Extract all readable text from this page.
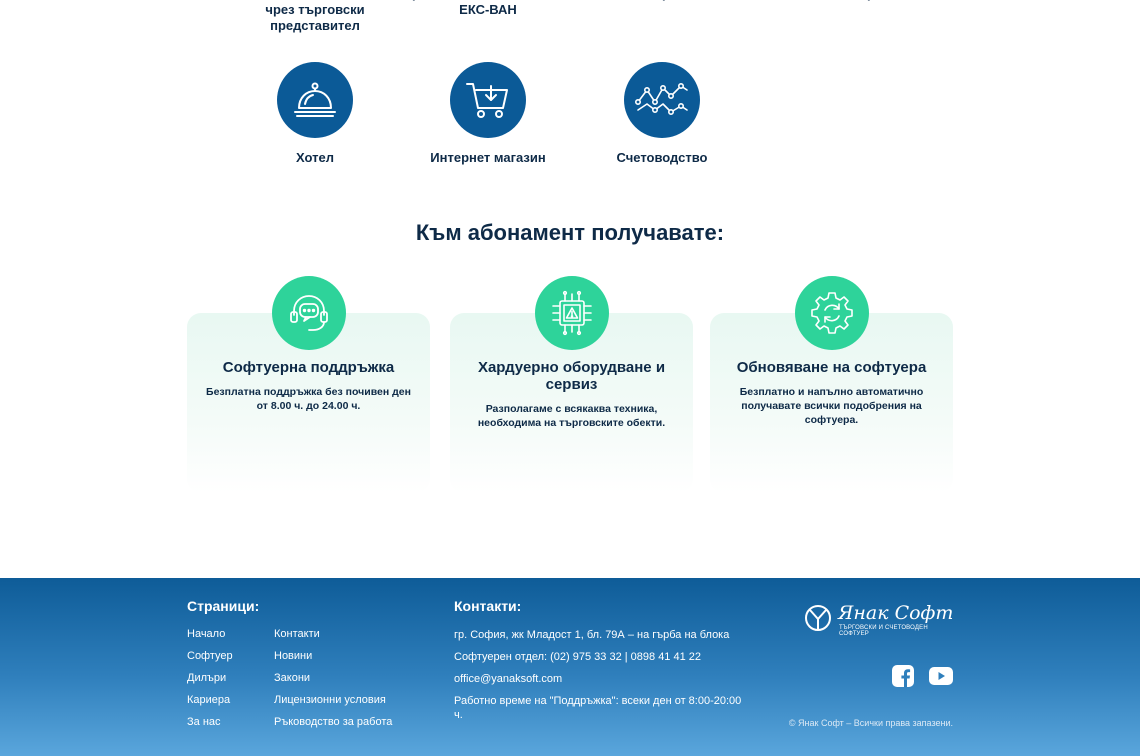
чрез търговски представител
ЕКС-ВАН
Хотел	Интернет магазин	Счетоводство
Към абонамент получавате:
Софтуерна поддръжка
Безплатна поддръжка без почивен ден от 8.00 ч. до 24.00 ч.
Хардуерно оборудване и сервиз
Разполагаме с всякаква техника, необходима на търговските обекти.
Обновяване на софтуера
Безплатно и напълно автоматично получавате всички подобрения на софтуера.
Страници:
Начало
Софтуер
Дилъри
Кариера
За нас
Контакти
Новини
Закони
Лицензионни условия
Ръководство за работа
Контакти:
гр. София, жк Младост 1, бл. 79А – на гърба на блока
Софтуерен отдел: (02) 975 33 32 | 0898 41 41 22
office@yanaksoft.com
Работно време на "Поддръжка": всеки ден от 8:00-20:00 ч.
Янак Софт
ТЪРГОВСКИ И СЧЕТОВОДЕН СОФТУЕР
© Янак Софт – Всички права запазени.
